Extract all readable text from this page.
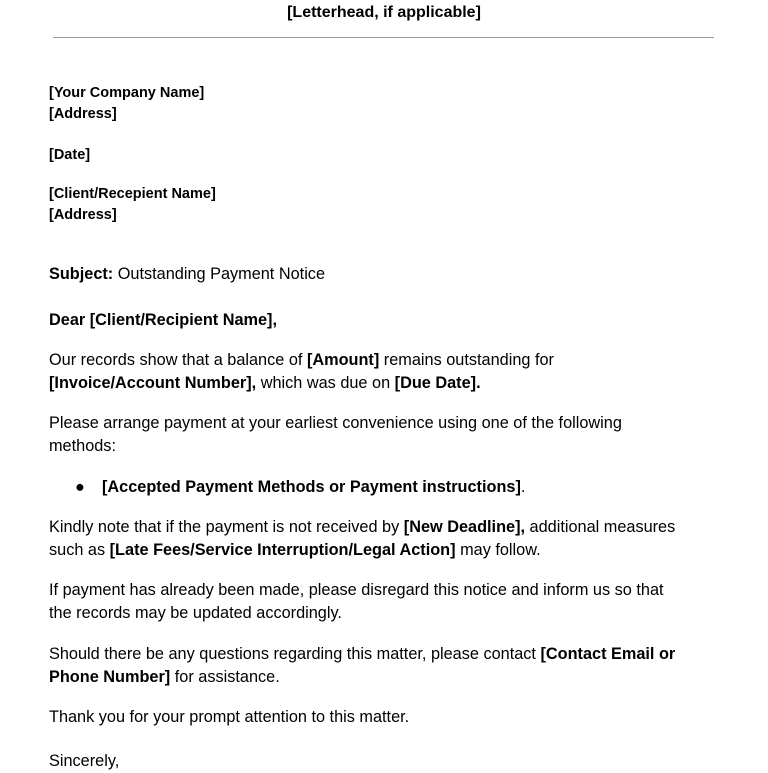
[Letterhead, if applicable]
[Your Company Name]
[Address]
[Date]
[Client/Recepient Name]
[Address]
Subject: Outstanding Payment Notice
Dear [Client/Recipient Name],
Our records show that a balance of [Amount] remains outstanding for
[Invoice/Account Number], which was due on [Due Date].
Please arrange payment at your earliest convenience using one of the following
methods:
● [Accepted Payment Methods or Payment instructions].
Kindly note that if the payment is not received by [New Deadline], additional measures
such as [Late Fees/Service Interruption/Legal Action] may follow.
If payment has already been made, please disregard this notice and inform us so that
the records may be updated accordingly.
Should there be any questions regarding this matter, please contact [Contact Email or
Phone Number] for assistance.
Thank you for your prompt attention to this matter.
Sincerely,
